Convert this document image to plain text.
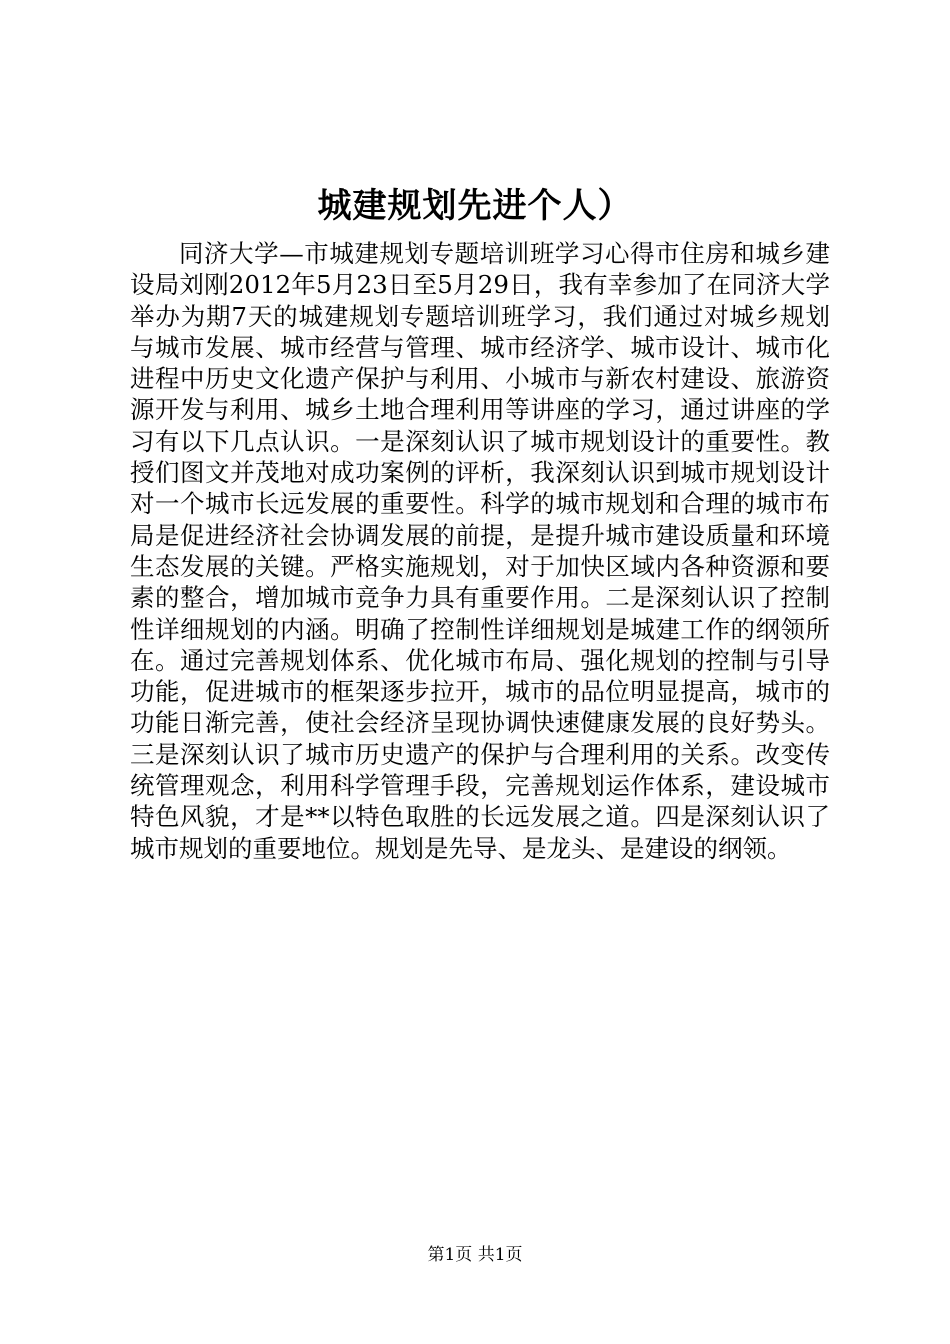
城建规划先进个人）

同济大学—市城建规划专题培训班学习心得市住房和城乡建设局刘刚2012年5月23日至5月29日，我有幸参加了在同济大学举办为期7天的城建规划专题培训班学习，我们通过对城乡规划与城市发展、城市经营与管理、城市经济学、城市设计、城市化进程中历史文化遗产保护与利用、小城市与新农村建设、旅游资源开发与利用、城乡土地合理利用等讲座的学习，通过讲座的学习有以下几点认识。一是深刻认识了城市规划设计的重要性。教授们图文并茂地对成功案例的评析，我深刻认识到城市规划设计对一个城市长远发展的重要性。科学的城市规划和合理的城市布局是促进经济社会协调发展的前提，是提升城市建设质量和环境生态发展的关键。严格实施规划，对于加快区域内各种资源和要素的整合，增加城市竞争力具有重要作用。二是深刻认识了控制性详细规划的内涵。明确了控制性详细规划是城建工作的纲领所在。通过完善规划体系、优化城市布局、强化规划的控制与引导功能，促进城市的框架逐步拉开，城市的品位明显提高，城市的功能日渐完善，使社会经济呈现协调快速健康发展的良好势头。三是深刻认识了城市历史遗产的保护与合理利用的关系。改变传统管理观念，利用科学管理手段，完善规划运作体系，建设城市特色风貌，才是**以特色取胜的长远发展之道。四是深刻认识了城市规划的重要地位。规划是先导、是龙头、是建设的纲领。

第1页 共1页
